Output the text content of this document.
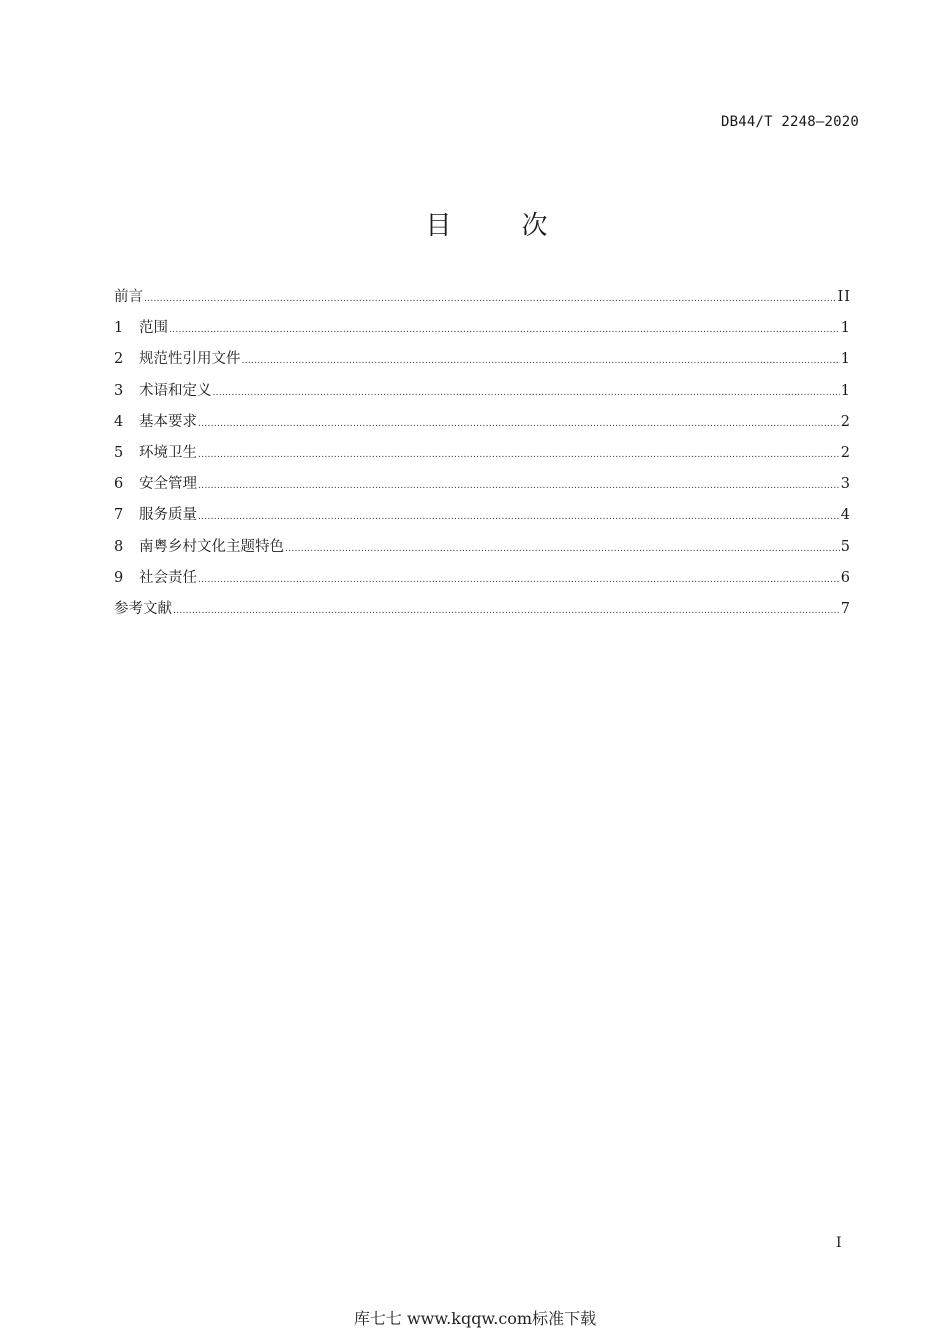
DB44/T 2248—2020
目	次
前言 .....	II
1	范围 .....	1
2	规范性引用文件 .....	1
3	术语和定义 .....	1
4	基本要求 .....	2
5	环境卫生 .....	2
6	安全管理 .....	3
7	服务质量 .....	4
8	南粤乡村文化主题特色 .....	5
9	社会责任 .....	6
参考文献 .....	7
I
库七七 www.kqqw.com标准下载
